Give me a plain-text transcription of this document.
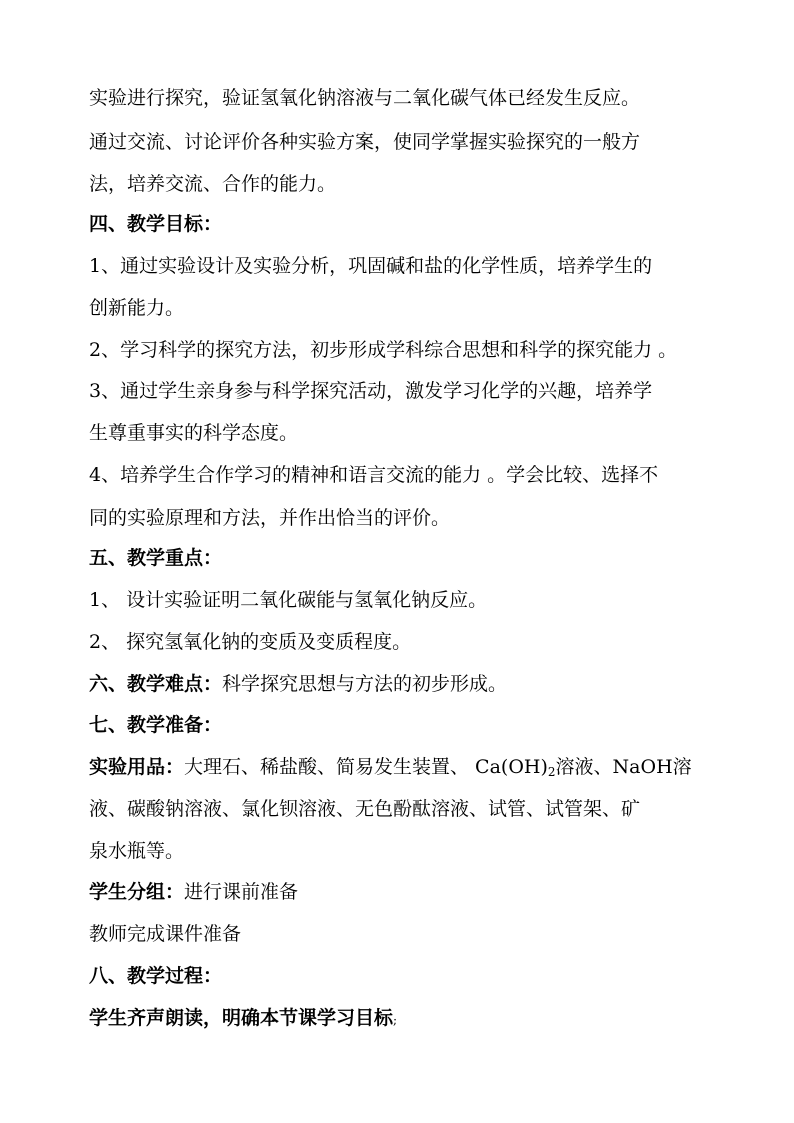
实验进行探究，验证氢氧化钠溶液与二氧化碳气体已经发生反应。
通过交流、讨论评价各种实验方案，使同学掌握实验探究的一般方
法，培养交流、合作的能力。
四、教学目标：
1、通过实验设计及实验分析，巩固碱和盐的化学性质，培养学生的
创新能力。
2、学习科学的探究方法，初步形成学科综合思想和科学的探究能力 。
3、通过学生亲身参与科学探究活动，激发学习化学的兴趣，培养学
生尊重事实的科学态度。
4、培养学生合作学习的精神和语言交流的能力 。学会比较、选择不
同的实验原理和方法，并作出恰当的评价。
五、教学重点：
1、 设计实验证明二氧化碳能与氢氧化钠反应。
2、 探究氢氧化钠的变质及变质程度。
六、教学难点：科学探究思想与方法的初步形成。
七、教学准备：
实验用品：大理石、稀盐酸、简易发生装置、 $Ca(OH)_2$溶液、NaOH溶
液、碳酸钠溶液、氯化钡溶液、无色酚酞溶液、试管、试管架、矿
泉水瓶等。
学生分组：进行课前准备
教师完成课件准备
八、教学过程：
学生齐声朗读，明确本节课学习目标;
